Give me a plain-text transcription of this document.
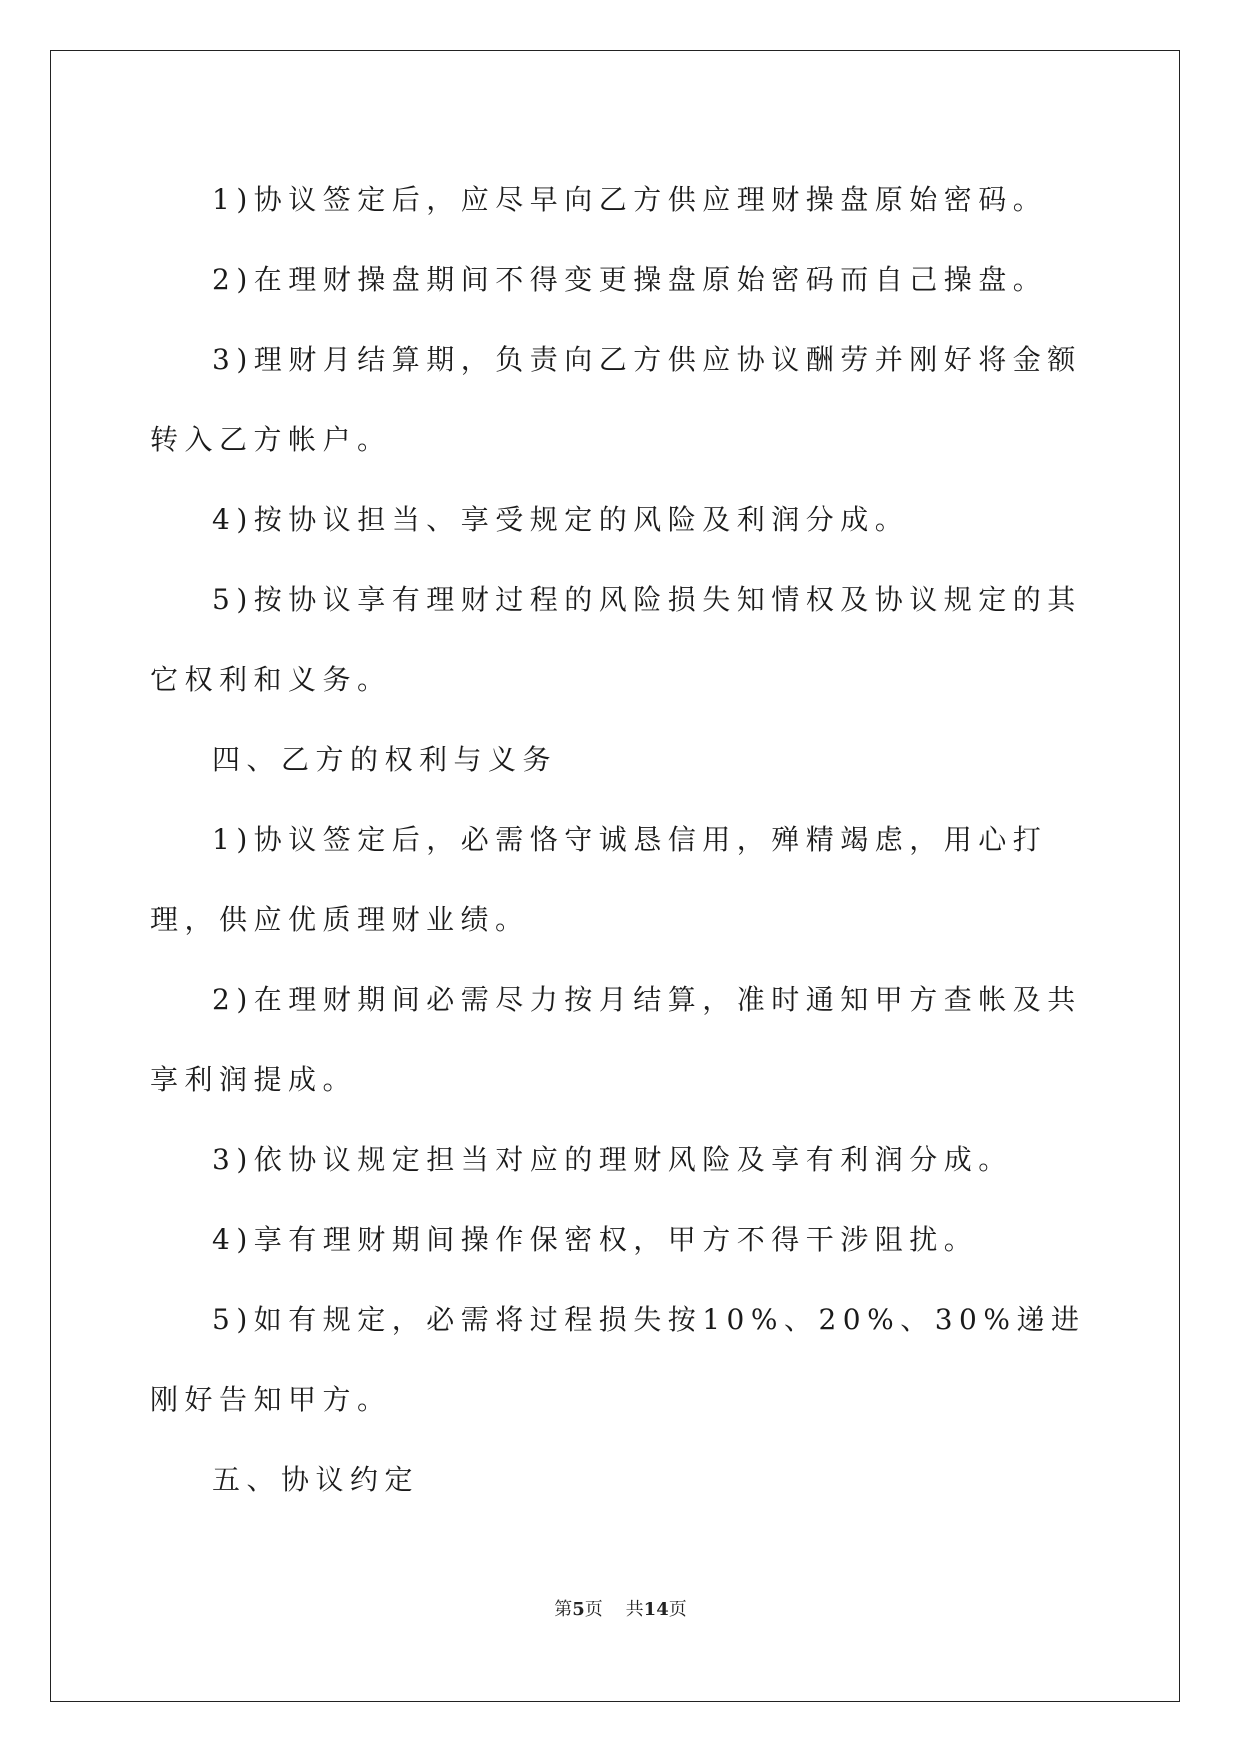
1)协议签定后，应尽早向乙方供应理财操盘原始密码。

2)在理财操盘期间不得变更操盘原始密码而自己操盘。

3)理财月结算期，负责向乙方供应协议酬劳并刚好将金额转入乙方帐户。

4)按协议担当、享受规定的风险及利润分成。

5)按协议享有理财过程的风险损失知情权及协议规定的其它权利和义务。

四、乙方的权利与义务

1)协议签定后，必需恪守诚恳信用，殚精竭虑，用心打理，供应优质理财业绩。

2)在理财期间必需尽力按月结算，准时通知甲方查帐及共享利润提成。

3)依协议规定担当对应的理财风险及享有利润分成。

4)享有理财期间操作保密权，甲方不得干涉阻扰。

5)如有规定，必需将过程损失按10%、20%、30%递进刚好告知甲方。

五、协议约定

第5页 共14页
